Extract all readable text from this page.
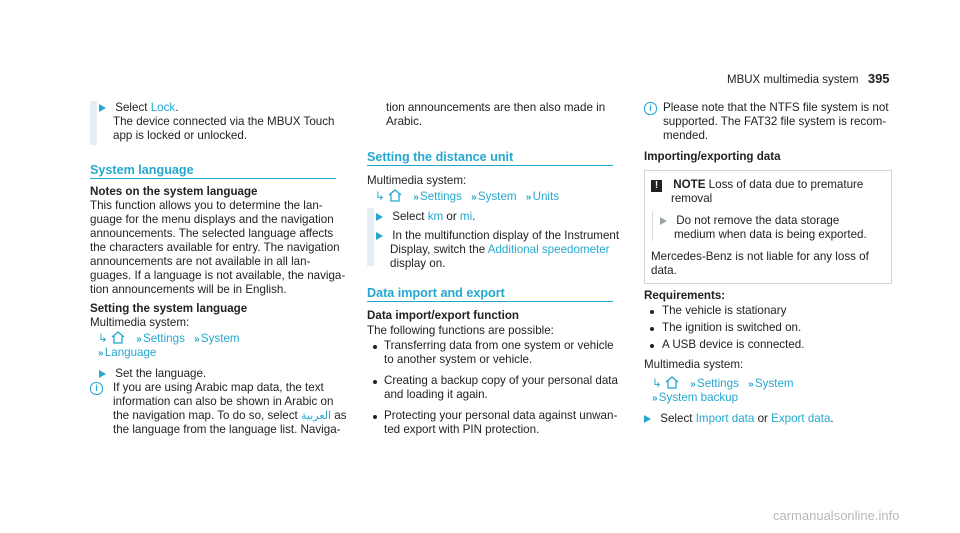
MBUX multimedia system 395
Select Lock.
The device connected via the MBUX Touch
app is locked or unlocked.
System language
Notes on the system language
This function allows you to determine the lan-
guage for the menu displays and the navigation
announcements. The selected language affects
the characters available for entry. The navigation
announcements are not available in all lan-
guages. If a language is not available, the naviga-
tion announcements will be in English.
Setting the system language
Multimedia system:
↳	» Settings » System
» Language
Set the language.
i	If you are using Arabic map data, the text
information can also be shown in Arabic on
the navigation map. To do so, select العربية as
the language from the language list. Naviga-
tion announcements are then also made in
Arabic.
Setting the distance unit
Multimedia system:
↳	» Settings » System » Units
Select km or mi.
In the multifunction display of the Instrument
Display, switch the Additional speedometer
display on.
Data import and export
Data import/export function
The following functions are possible:
Transferring data from one system or vehicle
to another system or vehicle.
Creating a backup copy of your personal data
and loading it again.
Protecting your personal data against unwan-
ted export with PIN protection.
i Please note that the NTFS file system is not
supported. The FAT32 file system is recom-
mended.
Importing/exporting data
! NOTE Loss of data due to premature
removal
Do not remove the data storage
medium when data is being exported.
Mercedes-Benz is not liable for any loss of
data.
Requirements:
The vehicle is stationary
The ignition is switched on.
A USB device is connected.
Multimedia system:
↳	» Settings » System
» System backup
Select Import data or Export data.
carmanualsonline.info
